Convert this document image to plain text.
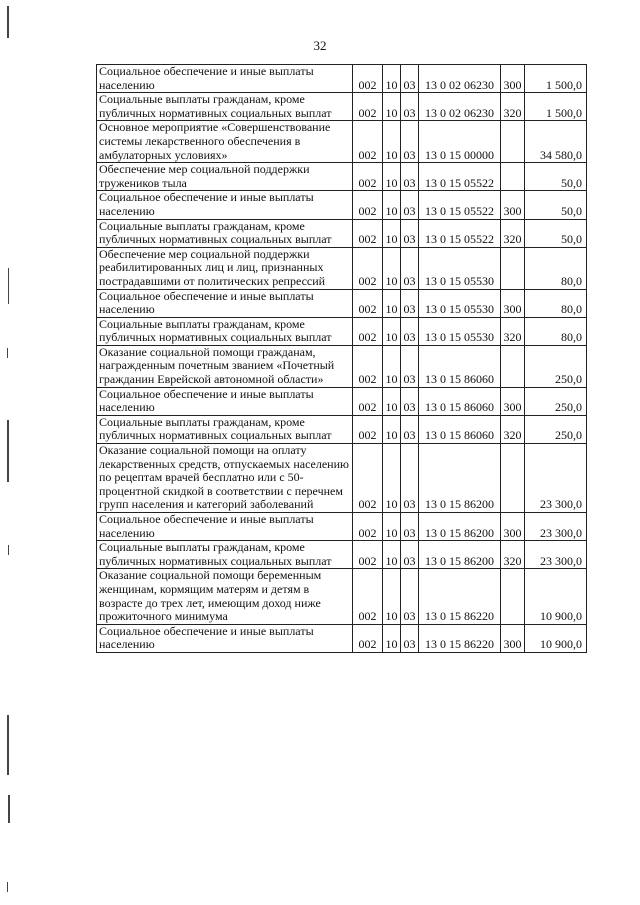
32
Социальное обеспечение и иные выплаты населению	002	10	03	13 0 02 06230	300	1 500,0
Социальные выплаты гражданам, кроме публичных нормативных социальных выплат	002	10	03	13 0 02 06230	320	1 500,0
Основное мероприятие «Совершенствование системы лекарственного обеспечения в амбулаторных условиях»	002	10	03	13 0 15 00000		34 580,0
Обеспечение мер социальной поддержки тружеников тыла	002	10	03	13 0 15 05522		50,0
Социальное обеспечение и иные выплаты населению	002	10	03	13 0 15 05522	300	50,0
Социальные выплаты гражданам, кроме публичных нормативных социальных выплат	002	10	03	13 0 15 05522	320	50,0
Обеспечение мер социальной поддержки реабилитированных лиц и лиц, признанных пострадавшими от политических репрессий	002	10	03	13 0 15 05530		80,0
Социальное обеспечение и иные выплаты населению	002	10	03	13 0 15 05530	300	80,0
Социальные выплаты гражданам, кроме публичных нормативных социальных выплат	002	10	03	13 0 15 05530	320	80,0
Оказание социальной помощи гражданам, награжденным почетным званием «Почетный гражданин Еврейской автономной области»	002	10	03	13 0 15 86060		250,0
Социальное обеспечение и иные выплаты населению	002	10	03	13 0 15 86060	300	250,0
Социальные выплаты гражданам, кроме публичных нормативных социальных выплат	002	10	03	13 0 15 86060	320	250,0
Оказание социальной помощи на оплату лекарственных средств, отпускаемых населению по рецептам врачей бесплатно или с 50-процентной скидкой в соответствии с перечнем групп населения и категорий заболеваний	002	10	03	13 0 15 86200		23 300,0
Социальное обеспечение и иные выплаты населению	002	10	03	13 0 15 86200	300	23 300,0
Социальные выплаты гражданам, кроме публичных нормативных социальных выплат	002	10	03	13 0 15 86200	320	23 300,0
Оказание социальной помощи беременным женщинам, кормящим матерям и детям в возрасте до трех лет, имеющим доход ниже прожиточного минимума	002	10	03	13 0 15 86220		10 900,0
Социальное обеспечение и иные выплаты населению	002	10	03	13 0 15 86220	300	10 900,0
